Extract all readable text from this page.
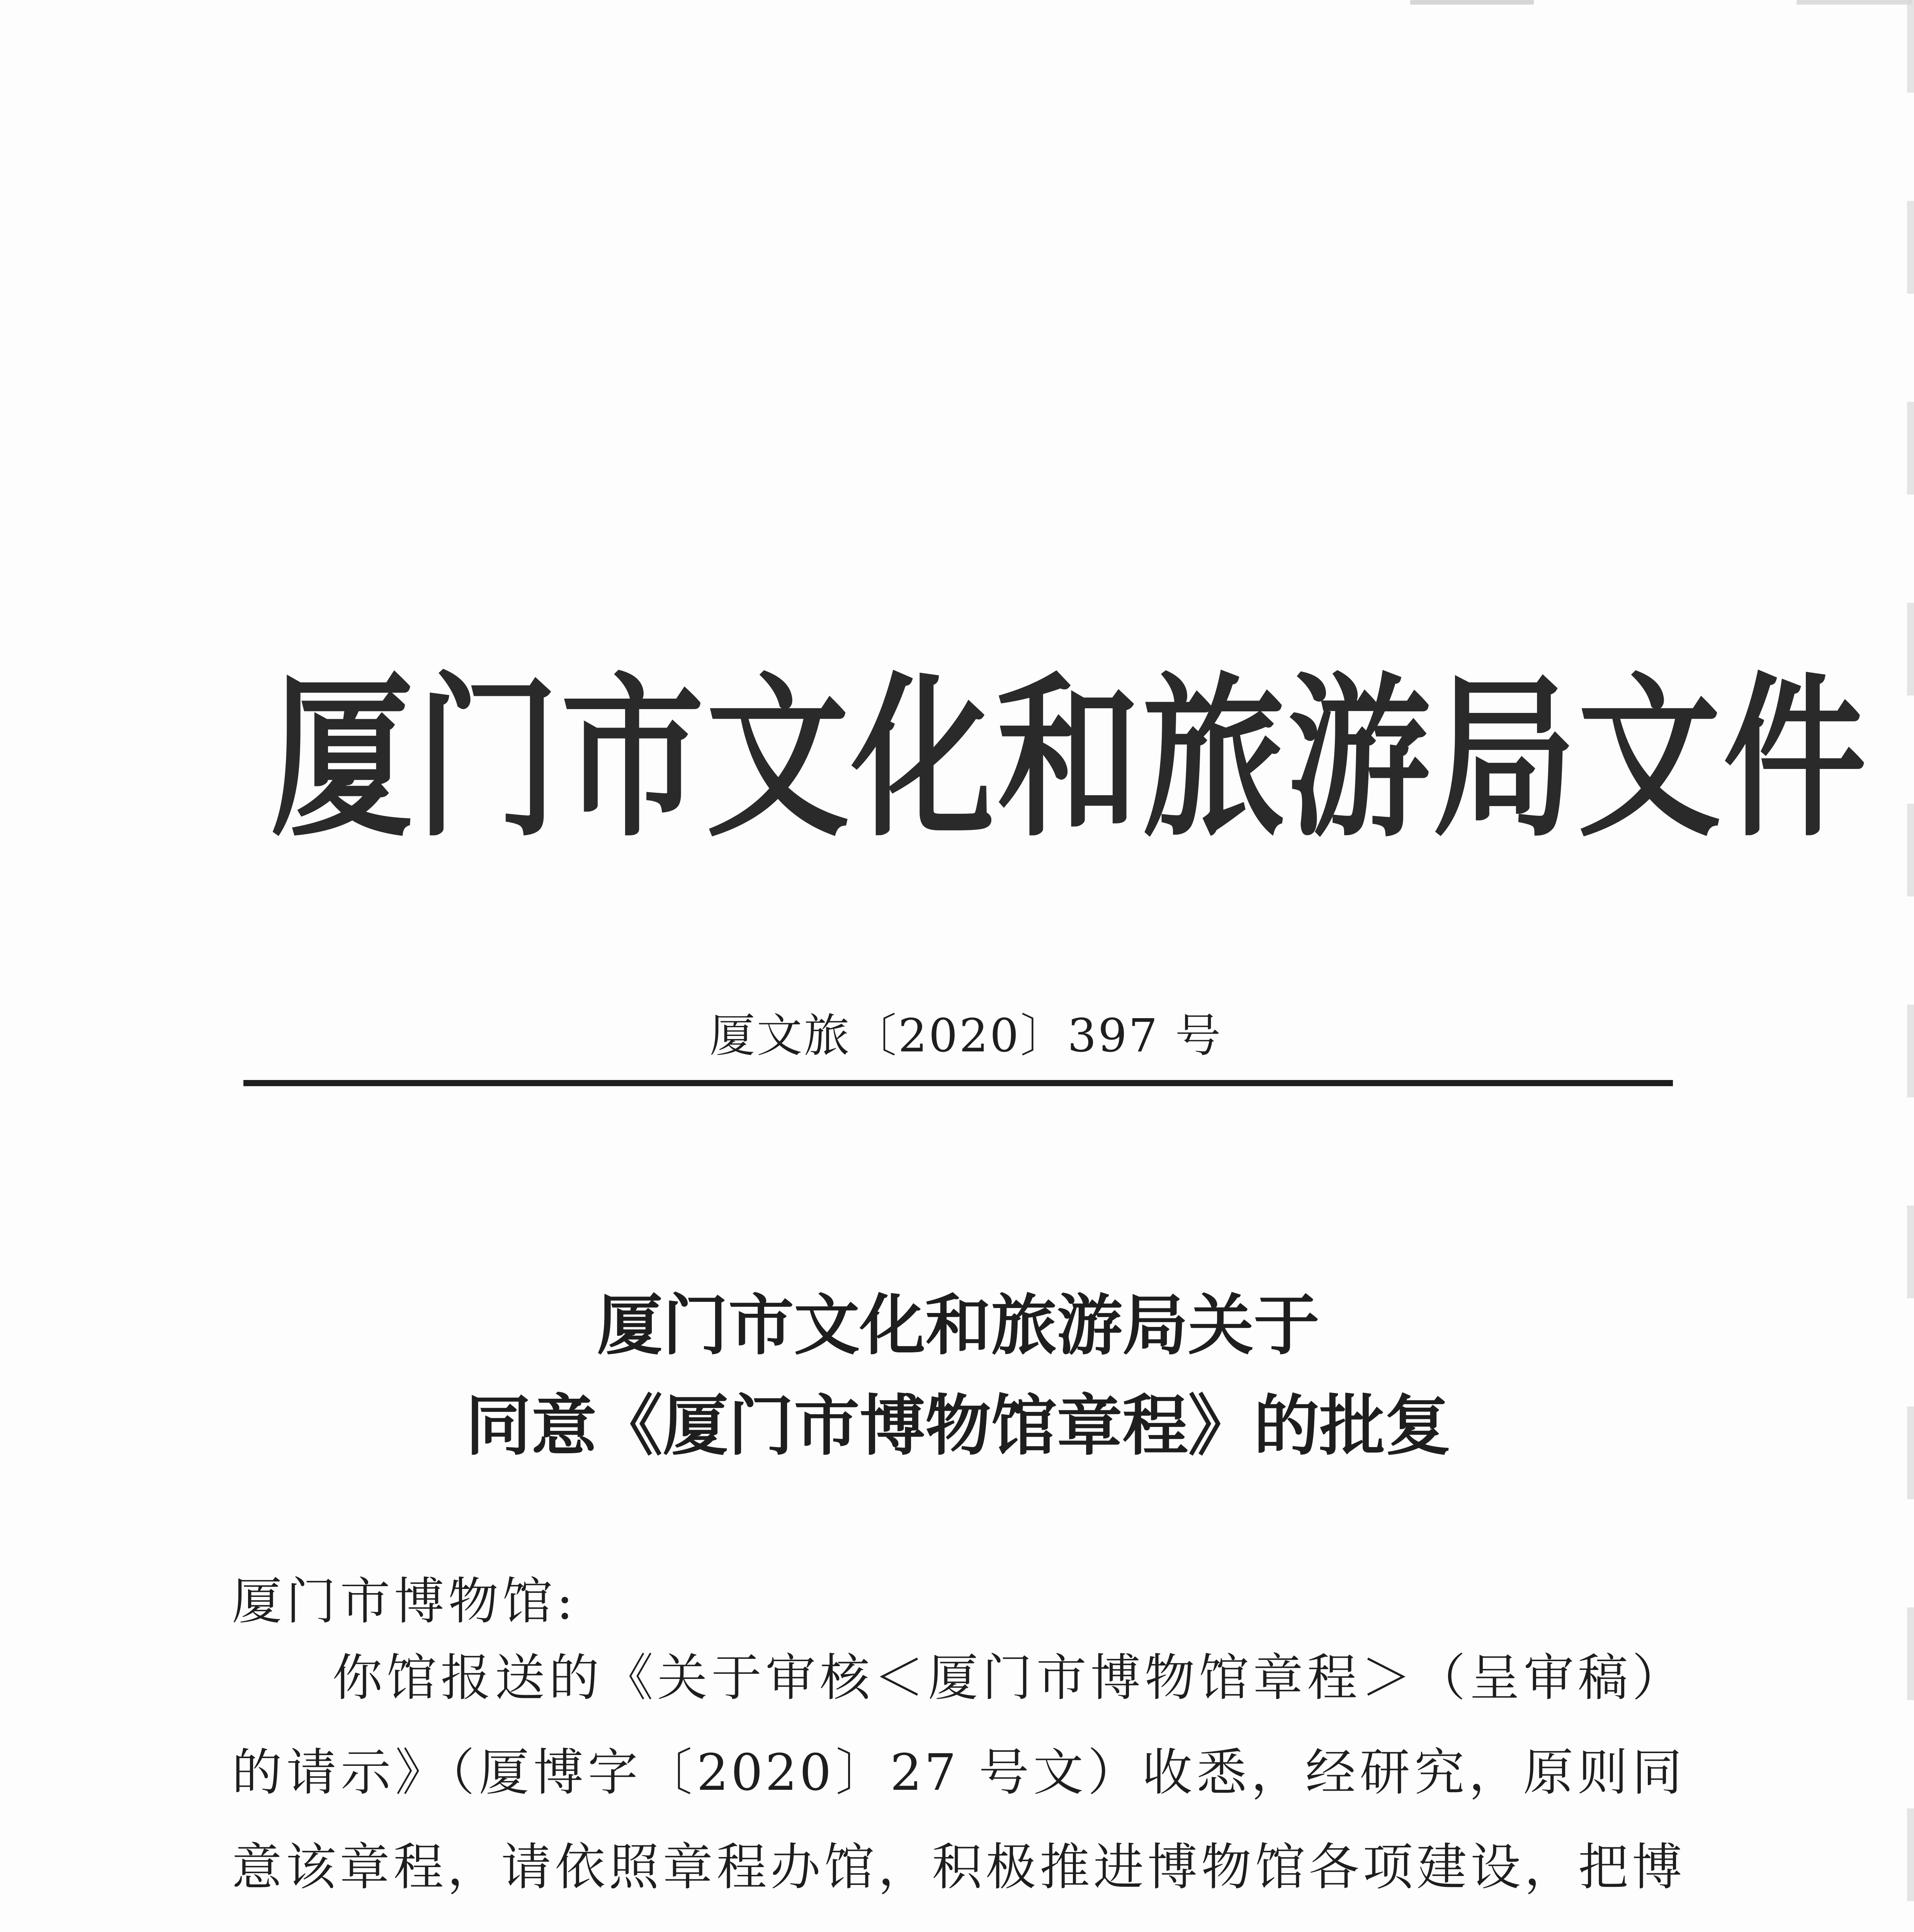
厦门市文化和旅游局文件
厦文旅〔2020〕397 号
厦门市文化和旅游局关于
同意《厦门市博物馆章程》的批复
厦门市博物馆:

你馆报送的《关于审核＜厦门市博物馆章程＞（呈审稿）的请示》（厦博字〔2020〕27 号文）收悉，经研究，原则同意该章程，请依照章程办馆，积极推进博物馆各项建设，把博
